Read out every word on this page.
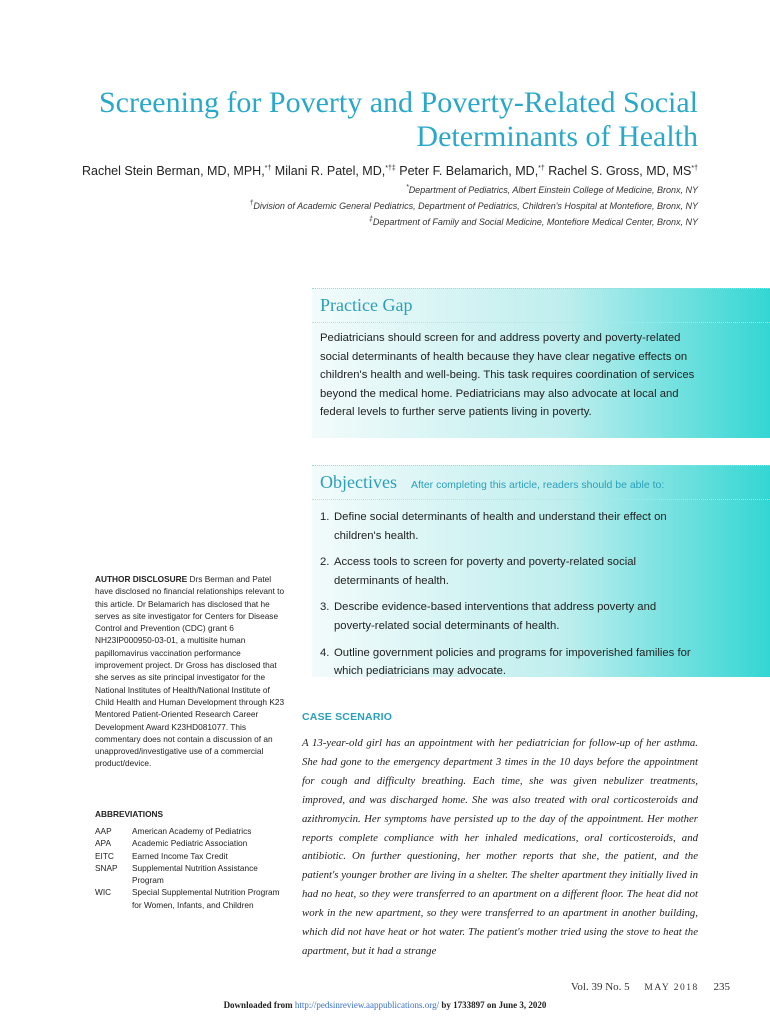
Screening for Poverty and Poverty-Related Social
Determinants of Health
Rachel Stein Berman, MD, MPH,*† Milani R. Patel, MD,*†‡ Peter F. Belamarich, MD,*† Rachel S. Gross, MD, MS*†
*Department of Pediatrics, Albert Einstein College of Medicine, Bronx, NY
†Division of Academic General Pediatrics, Department of Pediatrics, Children's Hospital at Montefiore, Bronx, NY
‡Department of Family and Social Medicine, Montefiore Medical Center, Bronx, NY
Practice Gap
Pediatricians should screen for and address poverty and poverty-related social determinants of health because they have clear negative effects on children's health and well-being. This task requires coordination of services beyond the medical home. Pediatricians may also advocate at local and federal levels to further serve patients living in poverty.
Objectives After completing this article, readers should be able to:
1. Define social determinants of health and understand their effect on children's health.
2. Access tools to screen for poverty and poverty-related social determinants of health.
3. Describe evidence-based interventions that address poverty and poverty-related social determinants of health.
4. Outline government policies and programs for impoverished families for which pediatricians may advocate.
AUTHOR DISCLOSURE Drs Berman and Patel have disclosed no financial relationships relevant to this article. Dr Belamarich has disclosed that he serves as site investigator for Centers for Disease Control and Prevention (CDC) grant 6 NH23IP000950-03-01, a multisite human papillomavirus vaccination performance improvement project. Dr Gross has disclosed that she serves as site principal investigator for the National Institutes of Health/National Institute of Child Health and Human Development through K23 Mentored Patient-Oriented Research Career Development Award K23HD081077. This commentary does not contain a discussion of an unapproved/investigative use of a commercial product/device.
ABBREVIATIONS
AAP	American Academy of Pediatrics
APA	Academic Pediatric Association
EITC	Earned Income Tax Credit
SNAP	Supplemental Nutrition Assistance Program
WIC	Special Supplemental Nutrition Program for Women, Infants, and Children
CASE SCENARIO
A 13-year-old girl has an appointment with her pediatrician for follow-up of her asthma. She had gone to the emergency department 3 times in the 10 days before the appointment for cough and difficulty breathing. Each time, she was given nebulizer treatments, improved, and was discharged home. She was also treated with oral corticosteroids and azithromycin. Her symptoms have persisted up to the day of the appointment. Her mother reports complete compliance with her inhaled medications, oral corticosteroids, and antibiotic. On further questioning, her mother reports that she, the patient, and the patient's younger brother are living in a shelter. The shelter apartment they initially lived in had no heat, so they were transferred to an apartment on a different floor. The heat did not work in the new apartment, so they were transferred to an apartment in another building, which did not have heat or hot water. The patient's mother tried using the stove to heat the apartment, but it had a strange
Vol. 39 No. 5 MAY 2018 235
Downloaded from http://pedsinreview.aappublications.org/ by 1733897 on June 3, 2020
